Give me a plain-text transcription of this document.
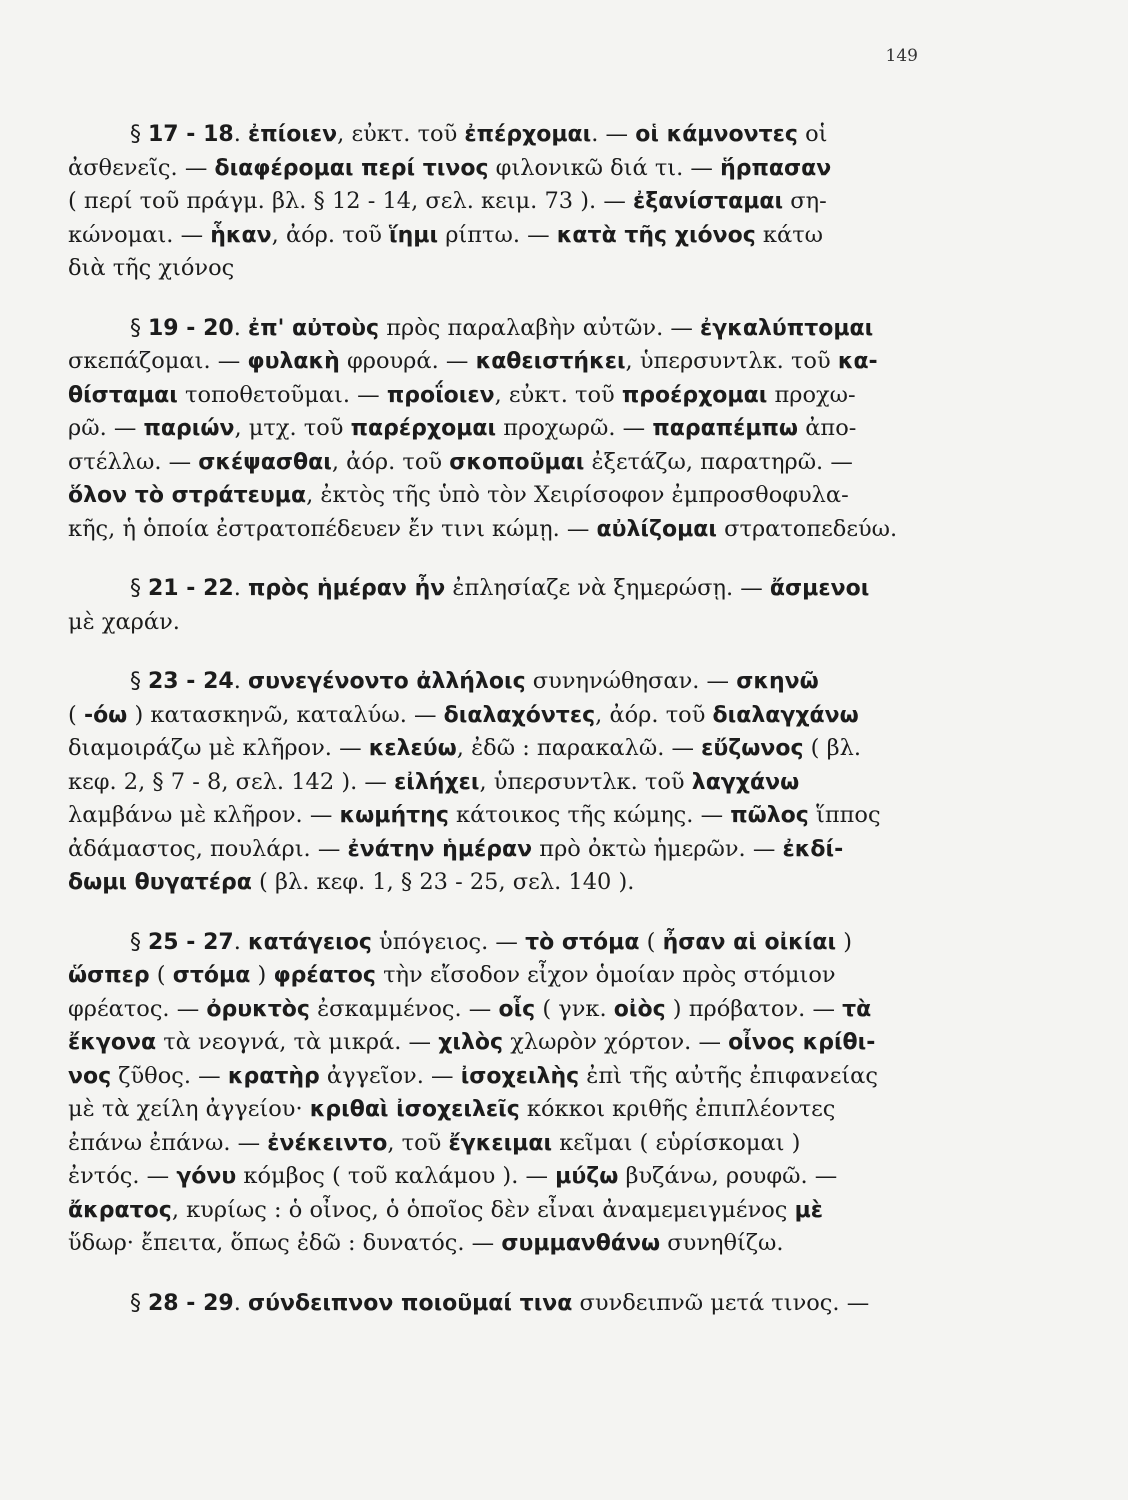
149
§ 17 - 18. ἐπίοιεν, εὐκτ. τοῦ ἐπέρχομαι. — οἱ κάμνοντες οἱ
ἀσθενεῖς. — διαφέρομαι περί τινος φιλονικῶ διά τι. — ἥρπασαν
( περί τοῦ πράγμ. βλ. § 12 - 14, σελ. κειμ. 73 ). — ἐξανίσταμαι ση-
κώνομαι. — ἧκαν, ἀόρ. τοῦ ἵημι ρίπτω. — κατὰ τῆς χιόνος κάτω
διὰ τῆς χιόνος
§ 19 - 20. ἐπ' αὐτοὺς πρὸς παραλαβὴν αὐτῶν. — ἐγκαλύπτομαι
σκεπάζομαι. — φυλακὴ φρουρά. — καθειστήκει, ὑπερσυντλκ. τοῦ κα-
θίσταμαι τοποθετοῦμαι. — προΐοιεν, εὐκτ. τοῦ προέρχομαι προχω-
ρῶ. — παριών, μτχ. τοῦ παρέρχομαι προχωρῶ. — παραπέμπω ἀπο-
στέλλω. — σκέψασθαι, ἀόρ. τοῦ σκοποῦμαι ἐξετάζω, παρατηρῶ. —
ὅλον τὸ στράτευμα, ἐκτὸς τῆς ὑπὸ τὸν Χειρίσοφον ἐμπροσθοφυλα-
κῆς, ἡ ὁποία ἐστρατοπέδευεν ἔν τινι κώμῃ. — αὐλίζομαι στρατοπεδεύω.
§ 21 - 22. πρὸς ἡμέραν ἦν ἐπλησίαζε νὰ ξημερώσῃ. — ἄσμενοι
μὲ χαράν.
§ 23 - 24. συνεγένοντο ἀλλήλοις συνηνώθησαν. — σκηνῶ
( -όω ) κατασκηνῶ, καταλύω. — διαλαχόντες, ἀόρ. τοῦ διαλαγχάνω
διαμοιράζω μὲ κλῆρον. — κελεύω, ἐδῶ : παρακαλῶ. — εὔζωνος ( βλ.
κεφ. 2, § 7 - 8, σελ. 142 ). — εἰλήχει, ὑπερσυντλκ. τοῦ λαγχάνω
λαμβάνω μὲ κλῆρον. — κωμήτης κάτοικος τῆς κώμης. — πῶλος ἵππος
ἀδάμαστος, πουλάρι. — ἐνάτην ἡμέραν πρὸ ὀκτὼ ἡμερῶν. — ἐκδί-
δωμι θυγατέρα ( βλ. κεφ. 1, § 23 - 25, σελ. 140 ).
§ 25 - 27. κατάγειος ὑπόγειος. — τὸ στόμα ( ἦσαν αἱ οἰκίαι )
ὥσπερ ( στόμα ) φρέατος τὴν εἴσοδον εἶχον ὁμοίαν πρὸς στόμιον
φρέατος. — ὀρυκτὸς ἐσκαμμένος. — οἷς ( γνκ. οἰὸς ) πρόβατον. — τὰ
ἔκγονα τὰ νεογνά, τὰ μικρά. — χιλὸς χλωρὸν χόρτον. — οἶνος κρίθι-
νος ζῦθος. — κρατὴρ ἀγγεῖον. — ἰσοχειλὴς ἐπὶ τῆς αὐτῆς ἐπιφανείας
μὲ τὰ χείλη ἀγγείου· κριθαὶ ἰσοχειλεῖς κόκκοι κριθῆς ἐπιπλέοντες
ἐπάνω ἐπάνω. — ἐνέκειντο, τοῦ ἔγκειμαι κεῖμαι ( εὑρίσκομαι )
ἐντός. — γόνυ κόμβος ( τοῦ καλάμου ). — μύζω βυζάνω, ρουφῶ. —
ἄκρατος, κυρίως : ὁ οἶνος, ὁ ὁποῖος δὲν εἶναι ἀναμεμειγμένος μὲ
ὕδωρ· ἔπειτα, ὅπως ἐδῶ : δυνατός. — συμμανθάνω συνηθίζω.
§ 28 - 29. σύνδειπνον ποιοῦμαί τινα συνδειπνῶ μετά τινος. —
